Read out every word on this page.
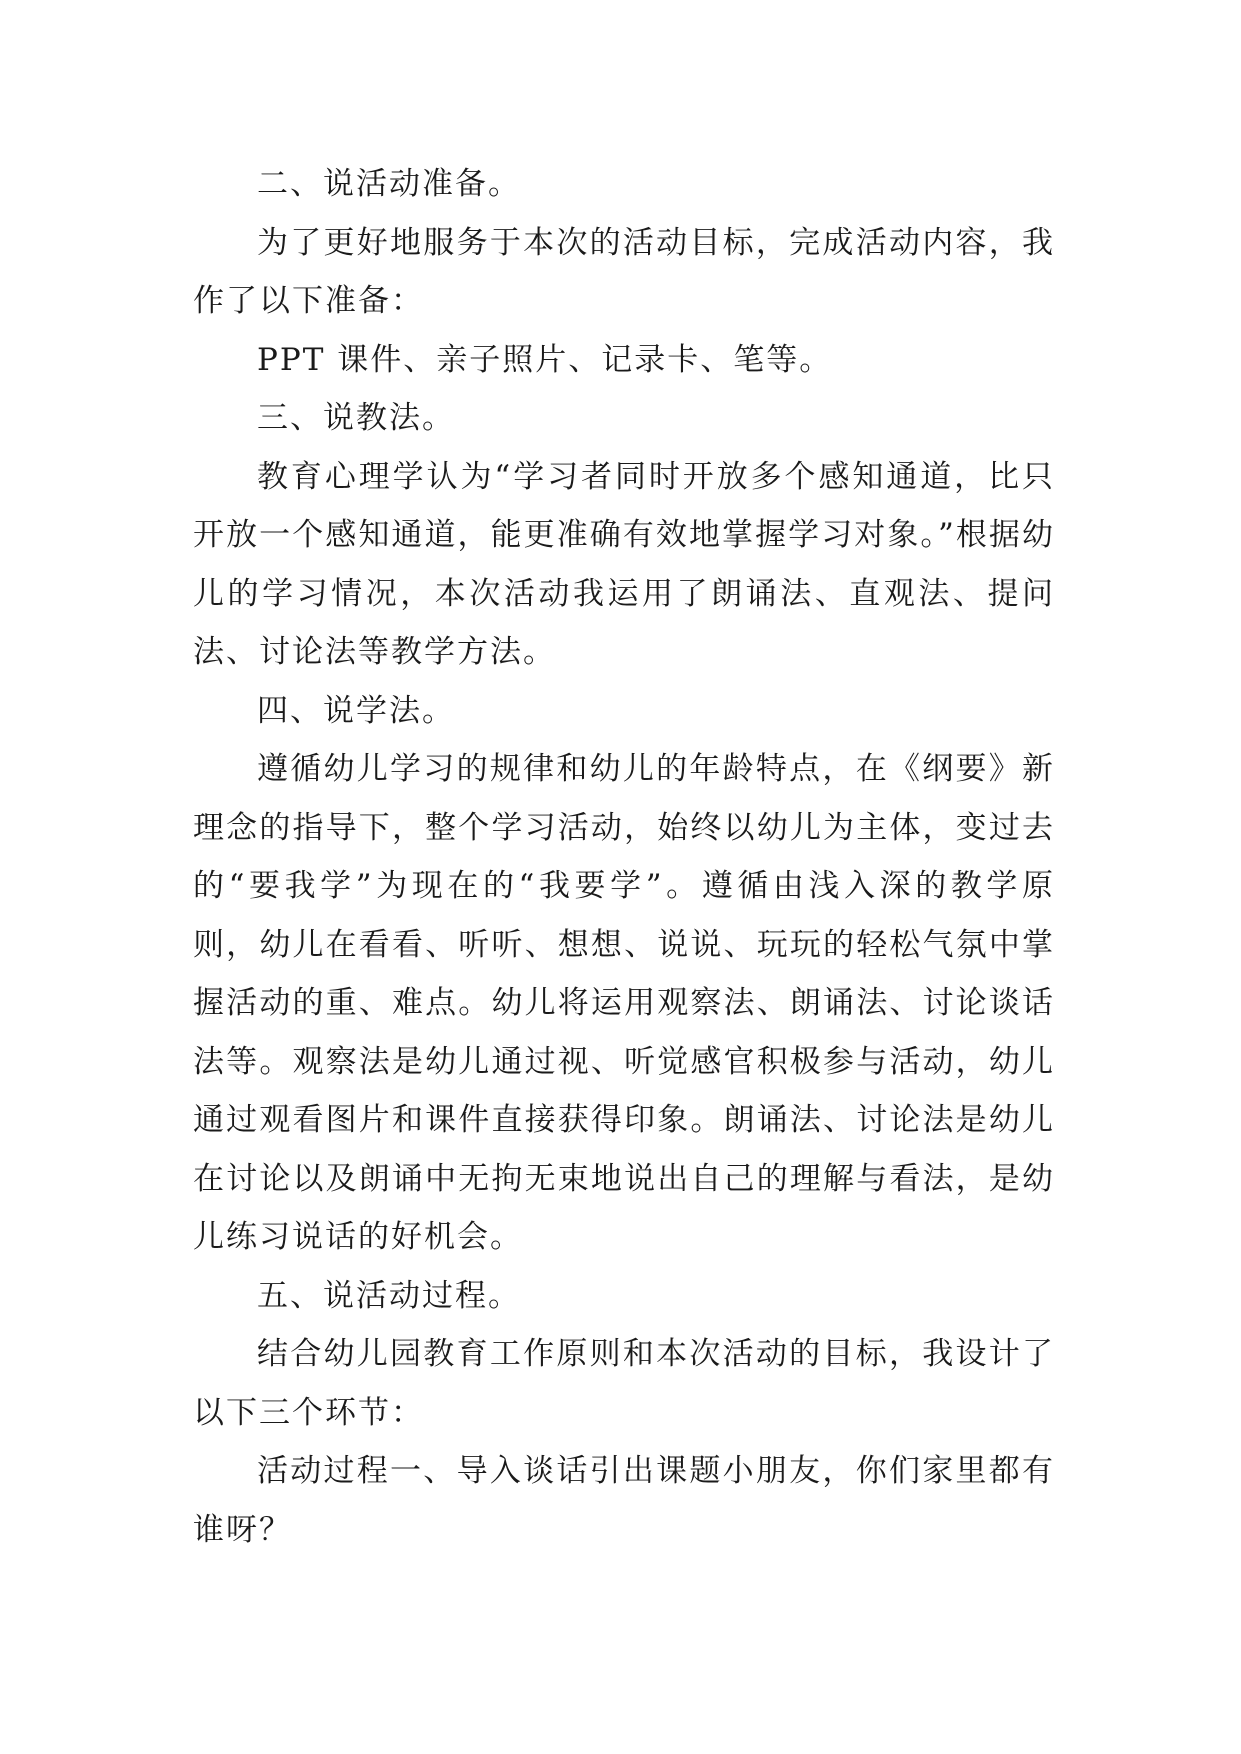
二、说活动准备。

为了更好地服务于本次的活动目标，完成活动内容，我作了以下准备：

PPT 课件、亲子照片、记录卡、笔等。

三、说教法。

教育心理学认为“学习者同时开放多个感知通道，比只开放一个感知通道，能更准确有效地掌握学习对象。”根据幼儿的学习情况，本次活动我运用了朗诵法、直观法、提问法、讨论法等教学方法。

四、说学法。

遵循幼儿学习的规律和幼儿的年龄特点，在《纲要》新理念的指导下，整个学习活动，始终以幼儿为主体，变过去的“要我学”为现在的“我要学”。遵循由浅入深的教学原则，幼儿在看看、听听、想想、说说、玩玩的轻松气氛中掌握活动的重、难点。幼儿将运用观察法、朗诵法、讨论谈话法等。观察法是幼儿通过视、听觉感官积极参与活动，幼儿通过观看图片和课件直接获得印象。朗诵法、讨论法是幼儿在讨论以及朗诵中无拘无束地说出自己的理解与看法，是幼儿练习说话的好机会。

五、说活动过程。

结合幼儿园教育工作原则和本次活动的目标，我设计了以下三个环节：

活动过程一、导入谈话引出课题小朋友，你们家里都有谁呀？
